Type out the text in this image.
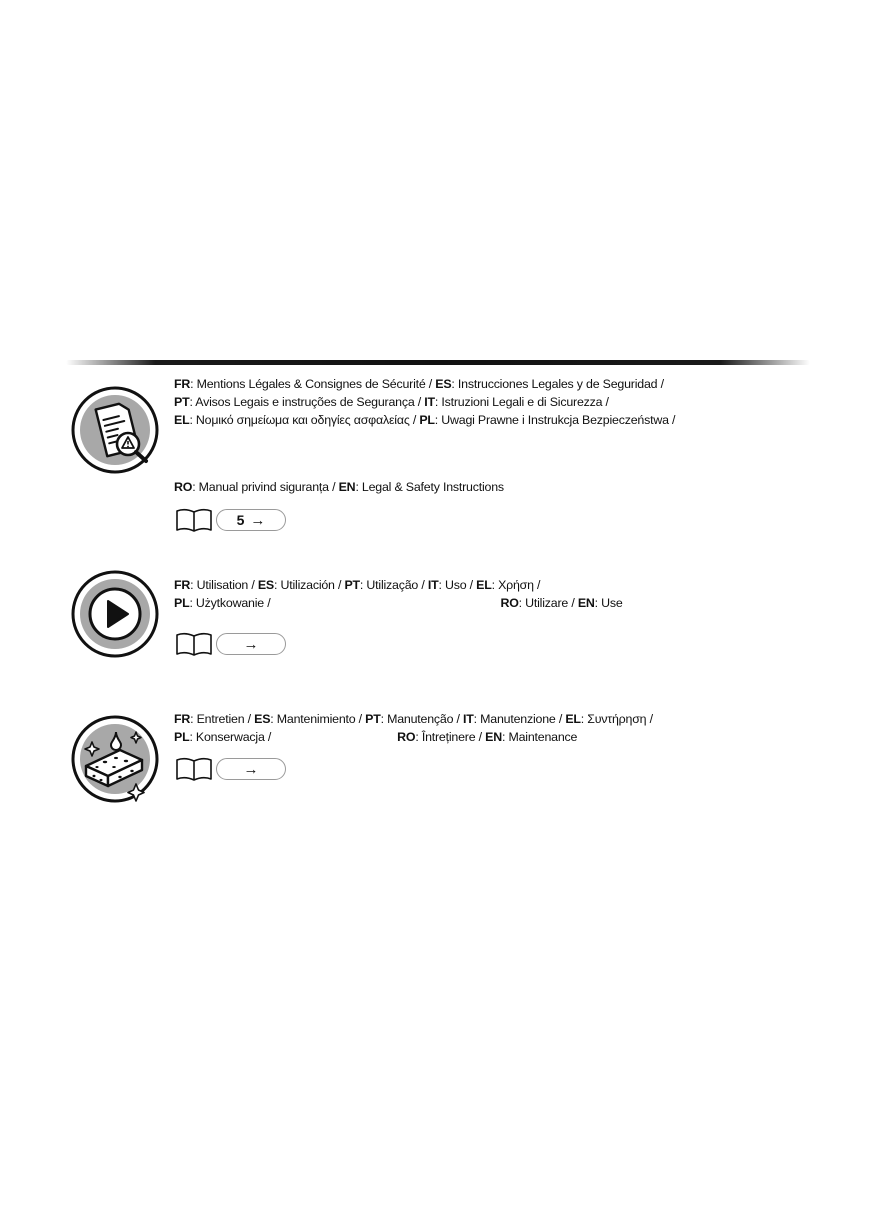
FR: Mentions Légales & Consignes de Sécurité / ES: Instrucciones Legales y de Seguridad /
PT: Avisos Legais e instruções de Segurança / IT: Istruzioni Legali e di Sicurezza /
EL: Νομικό σημείωμα και οδηγίες ασφαλείας / PL: Uwagi Prawne i Instrukcja Bezpieczeństwa /
RO: Manual privind siguranța / EN: Legal & Safety Instructions
5 →
FR: Utilisation / ES: Utilización / PT: Utilização / IT: Uso / EL: Χρήση /
PL: Użytkowanie /	RO: Utilizare / EN: Use
→
FR: Entretien / ES: Mantenimiento / PT: Manutenção / IT: Manutenzione / EL: Συντήρηση /
PL: Konserwacja /	RO: Întreținere / EN: Maintenance
→
